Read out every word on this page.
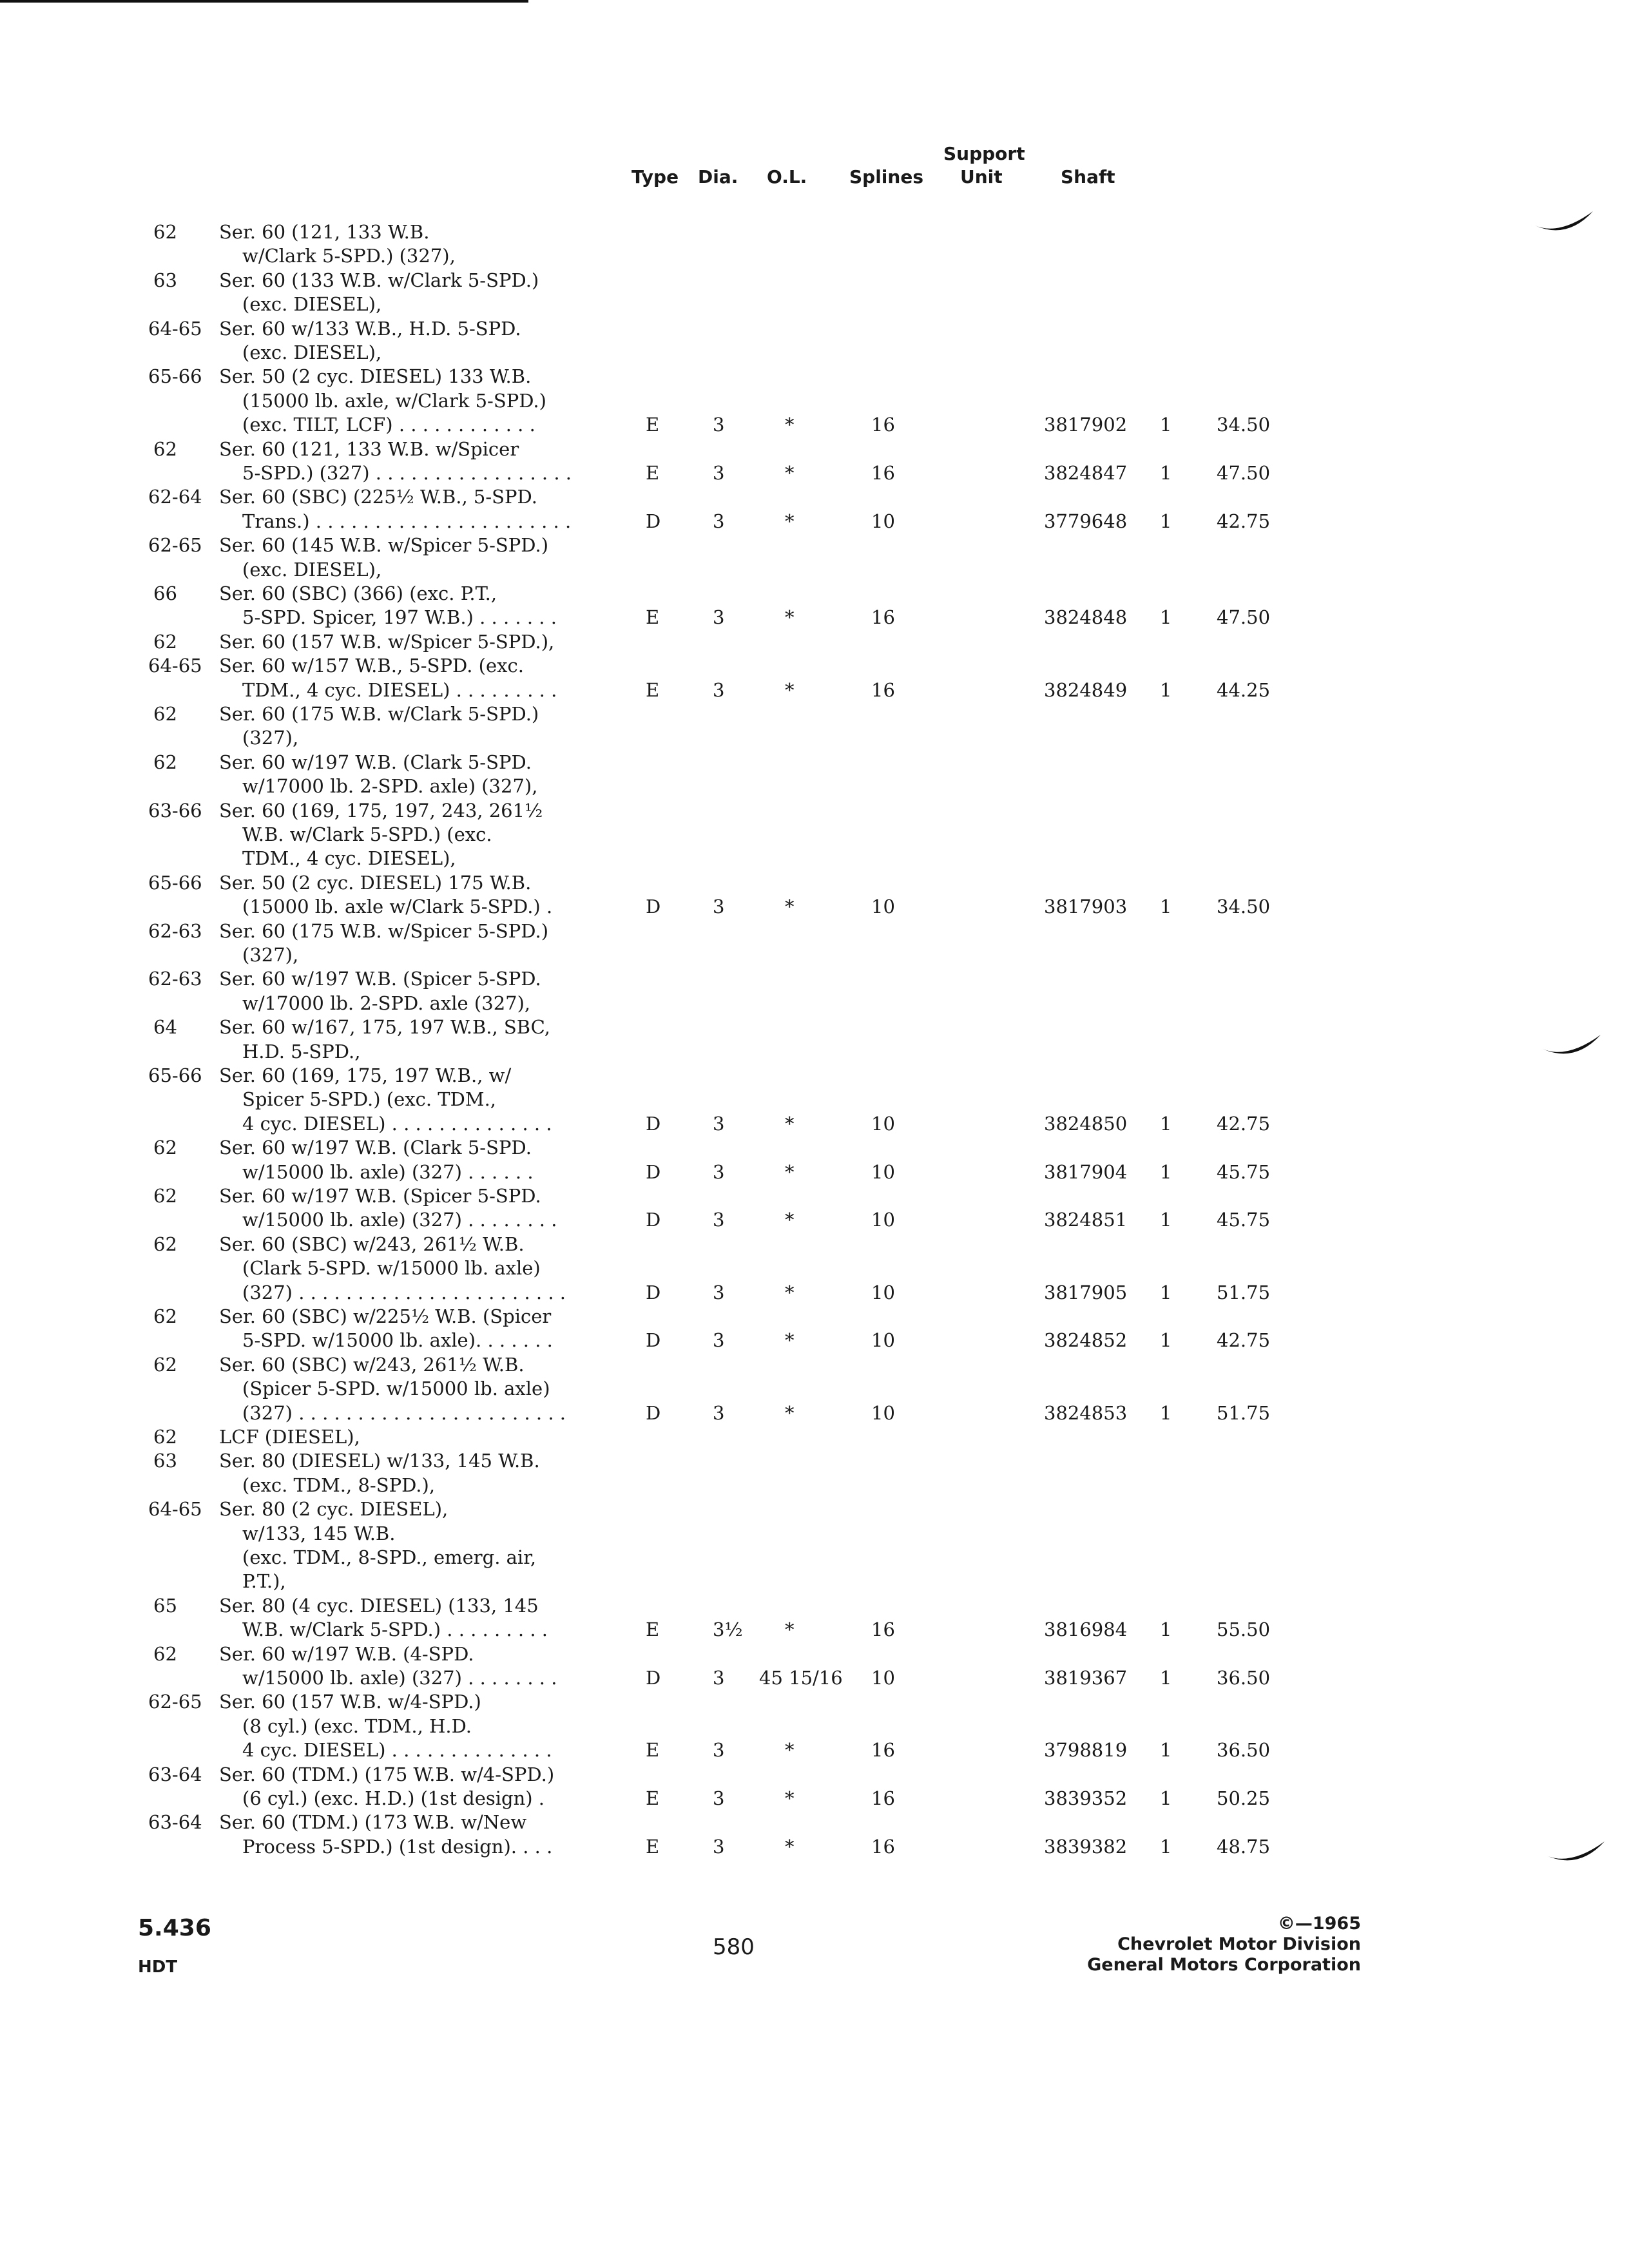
Support
Type Dia. O.L. Splines Unit	Shaft
62 Ser. 60 (121, 133 W.B.
w/Clark 5-SPD.) (327),
63 Ser. 60 (133 W.B. w/Clark 5-SPD.)
(exc. DIESEL),
64-65 Ser. 60 w/133 W.B., H.D. 5-SPD.
(exc. DIESEL),
65-66 Ser. 50 (2 cyc. DIESEL) 133 W.B.
(15000 lb. axle, w/Clark 5-SPD.)
(exc. TILT, LCF) . . . . . . . . . . . .	E	3	*	16	3817902 1 34.50
62 Ser. 60 (121, 133 W.B. w/Spicer
5-SPD.) (327) . . . . . . . . . . . . . . . . .	E	3	*	16	3824847 1 47.50
62-64 Ser. 60 (SBC) (225½ W.B., 5-SPD.
Trans.) . . . . . . . . . . . . . . . . . . . . . .	D	3	*	10	3779648 1 42.75
62-65 Ser. 60 (145 W.B. w/Spicer 5-SPD.)
(exc. DIESEL),
66 Ser. 60 (SBC) (366) (exc. P.T.,
5-SPD. Spicer, 197 W.B.) . . . . . . .	E	3	*	16	3824848 1 47.50
62 Ser. 60 (157 W.B. w/Spicer 5-SPD.),
64-65 Ser. 60 w/157 W.B., 5-SPD. (exc.
TDM., 4 cyc. DIESEL) . . . . . . . . .	E	3	*	16	3824849 1 44.25
62 Ser. 60 (175 W.B. w/Clark 5-SPD.)
(327),
62 Ser. 60 w/197 W.B. (Clark 5-SPD.
w/17000 lb. 2-SPD. axle) (327),
63-66 Ser. 60 (169, 175, 197, 243, 261½
W.B. w/Clark 5-SPD.) (exc.
TDM., 4 cyc. DIESEL),
65-66 Ser. 50 (2 cyc. DIESEL) 175 W.B.
(15000 lb. axle w/Clark 5-SPD.) .	D	3	*	10	3817903 1 34.50
62-63 Ser. 60 (175 W.B. w/Spicer 5-SPD.)
(327),
62-63 Ser. 60 w/197 W.B. (Spicer 5-SPD.
w/17000 lb. 2-SPD. axle (327),
64 Ser. 60 w/167, 175, 197 W.B., SBC,
H.D. 5-SPD.,
65-66 Ser. 60 (169, 175, 197 W.B., w/
Spicer 5-SPD.) (exc. TDM.,
4 cyc. DIESEL) . . . . . . . . . . . . . .	D	3	*	10	3824850 1 42.75
62 Ser. 60 w/197 W.B. (Clark 5-SPD.
w/15000 lb. axle) (327) . . . . . .	D	3	*	10	3817904 1 45.75
62 Ser. 60 w/197 W.B. (Spicer 5-SPD.
w/15000 lb. axle) (327) . . . . . . . .	D	3	*	10	3824851 1 45.75
62 Ser. 60 (SBC) w/243, 261½ W.B.
(Clark 5-SPD. w/15000 lb. axle)
(327) . . . . . . . . . . . . . . . . . . . . . . .	D	3	*	10	3817905 1 51.75
62 Ser. 60 (SBC) w/225½ W.B. (Spicer
5-SPD. w/15000 lb. axle). . . . . . .	D	3	*	10	3824852 1 42.75
62 Ser. 60 (SBC) w/243, 261½ W.B.
(Spicer 5-SPD. w/15000 lb. axle)
(327) . . . . . . . . . . . . . . . . . . . . . . .	D	3	*	10	3824853 1 51.75
62 LCF (DIESEL),
63 Ser. 80 (DIESEL) w/133, 145 W.B.
(exc. TDM., 8-SPD.),
64-65 Ser. 80 (2 cyc. DIESEL),
w/133, 145 W.B.
(exc. TDM., 8-SPD., emerg. air,
P.T.),
65 Ser. 80 (4 cyc. DIESEL) (133, 145
W.B. w/Clark 5-SPD.) . . . . . . . . .	E	3½ *	16	3816984 1 55.50
62 Ser. 60 w/197 W.B. (4-SPD.
w/15000 lb. axle) (327) . . . . . . . .	D	3 45 15/16 10	3819367 1 36.50
62-65 Ser. 60 (157 W.B. w/4-SPD.)
(8 cyl.) (exc. TDM., H.D.
4 cyc. DIESEL) . . . . . . . . . . . . . .	E	3	*	16	3798819 1 36.50
63-64 Ser. 60 (TDM.) (175 W.B. w/4-SPD.)
(6 cyl.) (exc. H.D.) (1st design) .	E	3	*	16	3839352 1 50.25
63-64 Ser. 60 (TDM.) (173 W.B. w/New
Process 5-SPD.) (1st design). . . .	E	3	*	16	3839382 1 48.75
5.436
HDT
580
©—1965
Chevrolet Motor Division
General Motors Corporation
